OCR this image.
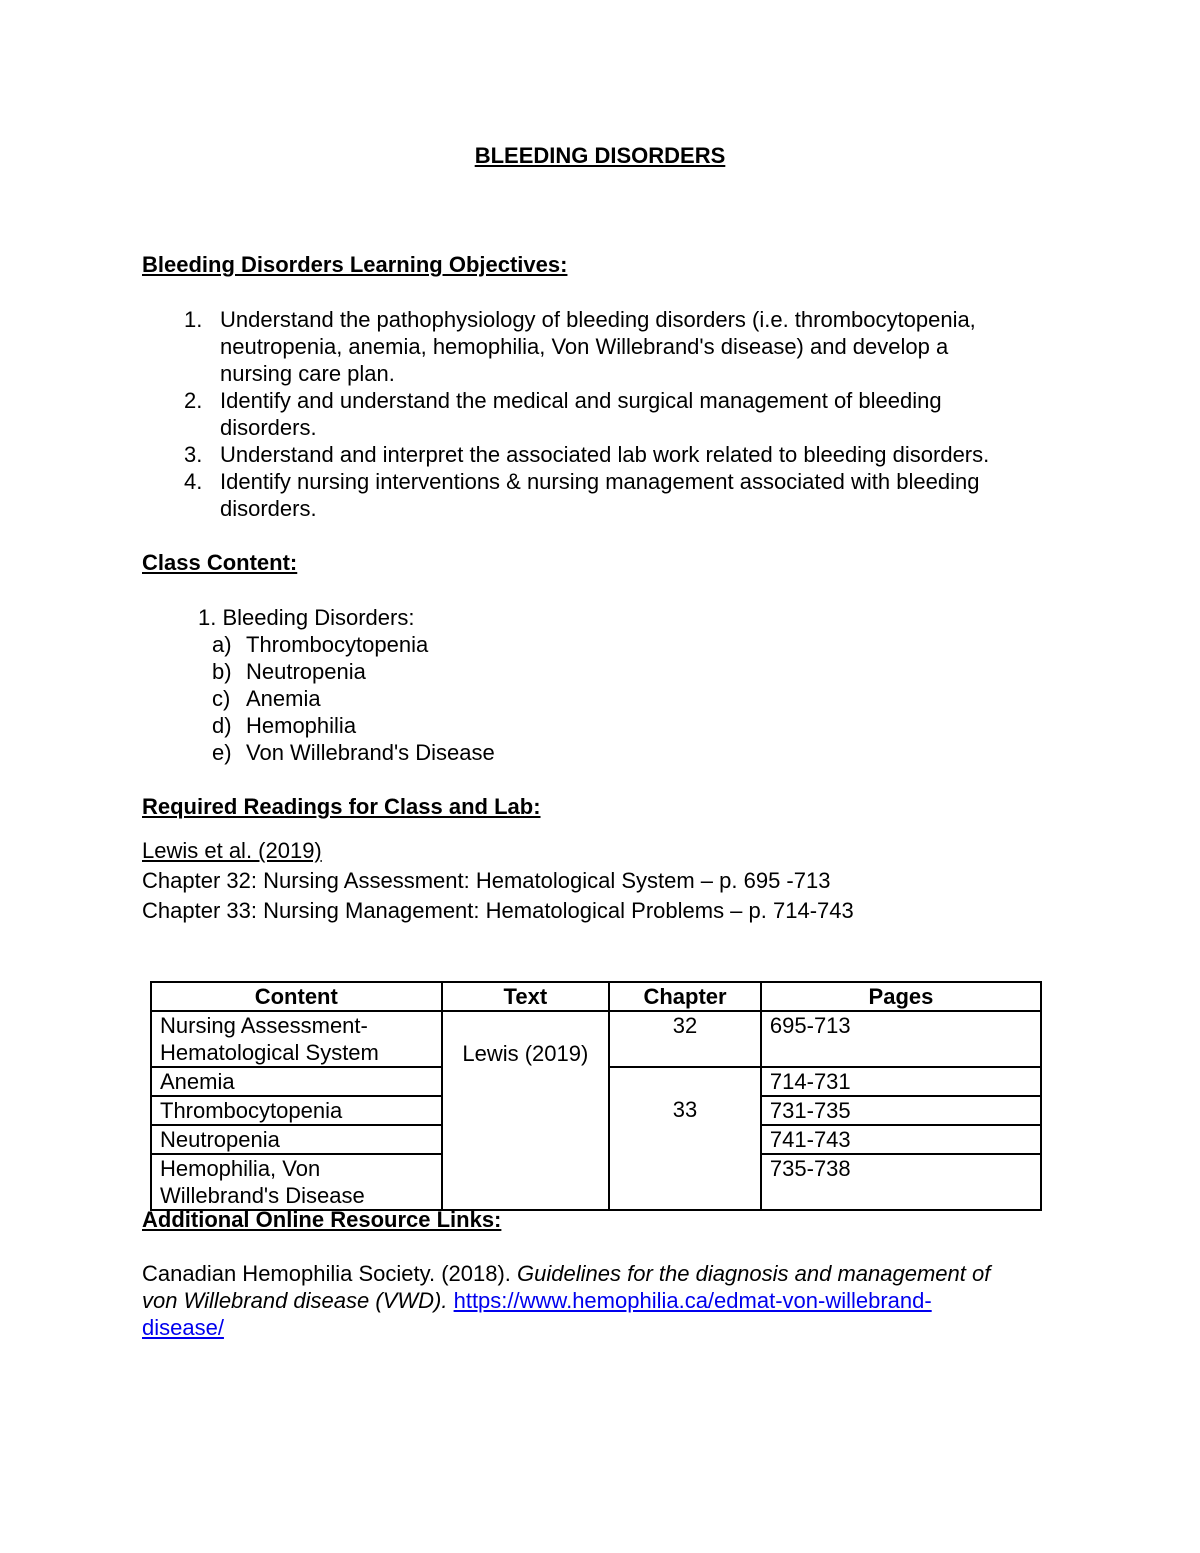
BLEEDING DISORDERS
Bleeding Disorders Learning Objectives:
1. Understand the pathophysiology of bleeding disorders (i.e. thrombocytopenia,
neutropenia, anemia, hemophilia, Von Willebrand's disease) and develop a
nursing care plan.
2. Identify and understand the medical and surgical management of bleeding
disorders.
3. Understand and interpret the associated lab work related to bleeding disorders.
4. Identify nursing interventions & nursing management associated with bleeding
disorders.
Class Content:
1. Bleeding Disorders:
a) Thrombocytopenia
b) Neutropenia
c) Anemia
d) Hemophilia
e) Von Willebrand's Disease
Required Readings for Class and Lab:
Lewis et al. (2019)
Chapter 32: Nursing Assessment: Hematological System – p. 695 -713
Chapter 33: Nursing Management: Hematological Problems – p. 714-743
Content	Text	Chapter	Pages

Nursing Assessment-
Hematological System	Lewis (2019)	32	695-713
Anemia		33	714-731
Thrombocytopenia			731-735
Neutropenia			741-743

Hemophilia, Von
Willebrand's Disease			735-738
Additional Online Resource Links:
Canadian Hemophilia Society. (2018). Guidelines for the diagnosis and management of
von Willebrand disease (VWD). https://www.hemophilia.ca/edmat-von-willebrand-
disease/
